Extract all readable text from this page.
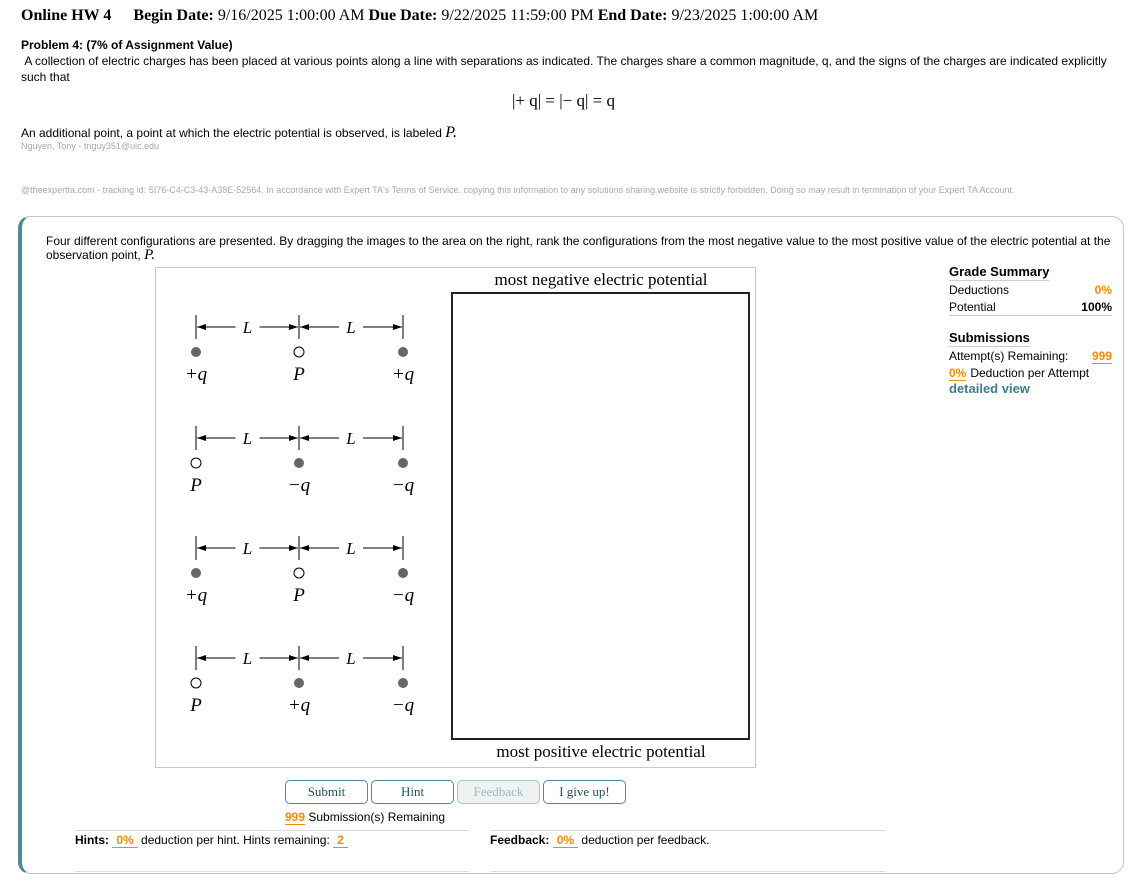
Online HW 4 Begin Date: 9/16/2025 1:00:00 AM Due Date: 9/22/2025 11:59:00 PM End Date: 9/23/2025 1:00:00 AM
Problem 4: (7% of Assignment Value)
A collection of electric charges has been placed at various points along a line with separations as indicated. The charges share a common magnitude, q, and the signs of the charges are indicated explicitly such that
|+ q| = |− q| = q
An additional point, a point at which the electric potential is observed, is labeled P.
Nguyen, Tony - tnguy351@uic.edu
@theexpertta.com - tracking id: 5I76-C4-C3-43-A38E-52564. In accordance with Expert TA's Terms of Service. copying this information to any solutions sharing website is strictly forbidden. Doing so may result in termination of your Expert TA Account.
Four different configurations are presented. By dragging the images to the area on the right, rank the configurations from the most negative value to the most positive value of the electric potential at the observation point, P.
L	L
+q	P	+q
L	L
P	−q	−q
L	L
+q	P	−q
L	L
P	+q	−q
most negative electric potential
most positive electric potential
Grade Summary
Deductions	0%
Potential	100%
Submissions
Attempt(s) Remaining: 999
0% Deduction per Attempt
detailed view
Submit	Hint	Feedback	I give up!
999 Submission(s) Remaining
Hints: 0% deduction per hint. Hints remaining: 2	Feedback: 0% deduction per feedback.
